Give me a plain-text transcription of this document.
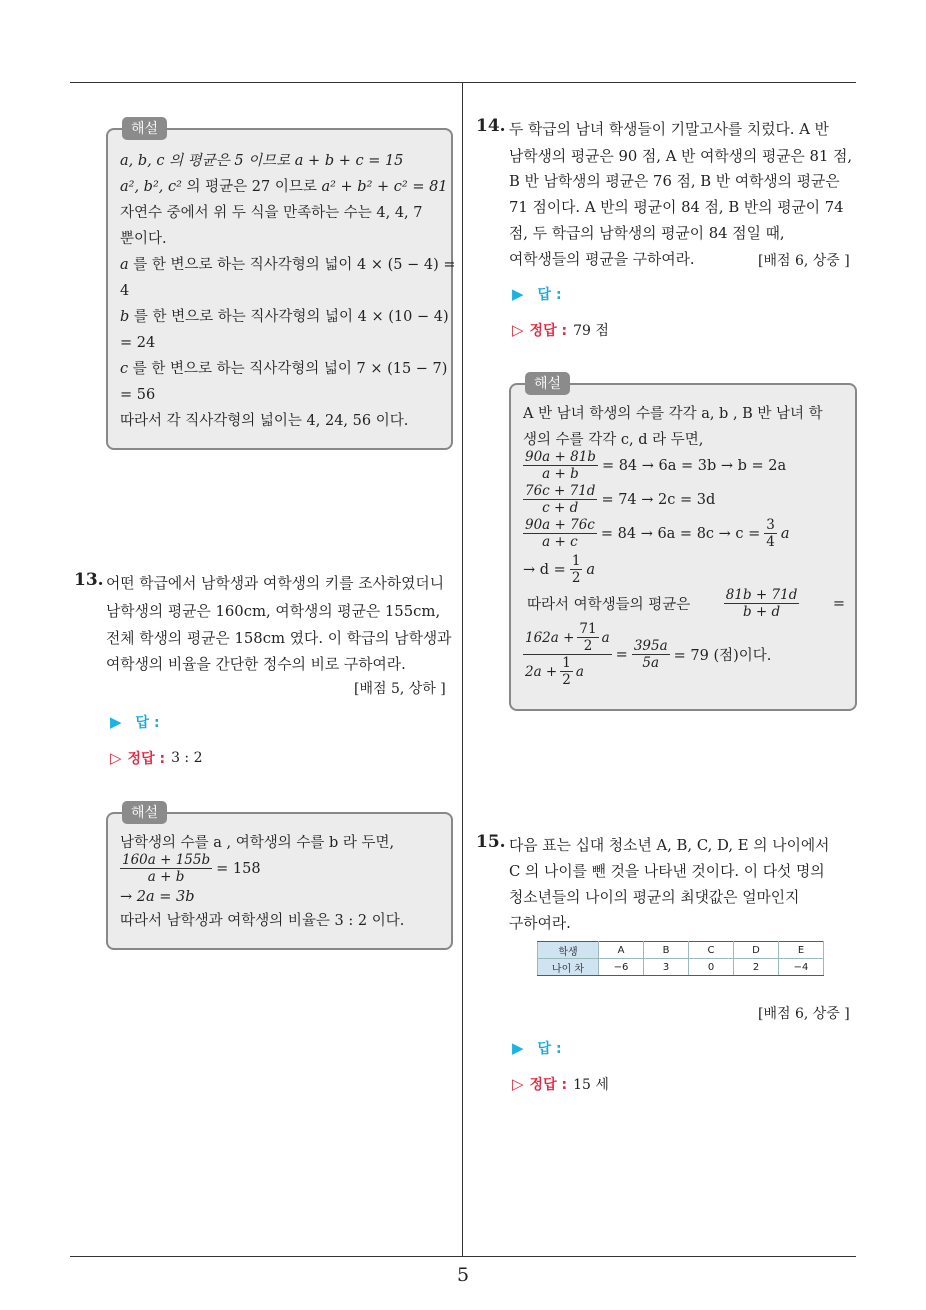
5
해설
a, b, c 의 평균은 5 이므로 a + b + c = 15
a², b², c² 의 평균은 27 이므로 a² + b² + c² = 81
자연수 중에서 위 두 식을 만족하는 수는 4, 4, 7
뿐이다.
a 를 한 변으로 하는 직사각형의 넓이 4 × (5 − 4) =
4
b 를 한 변으로 하는 직사각형의 넓이 4 × (10 − 4)
= 24
c 를 한 변으로 하는 직사각형의 넓이 7 × (15 − 7)
= 56
따라서 각 직사각형의 넓이는 4, 24, 56 이다.
13. 어떤 학급에서 남학생과 여학생의 키를 조사하였더니
남학생의 평균은 160cm, 여학생의 평균은 155cm,
전체 학생의 평균은 158cm 였다. 이 학급의 남학생과
여학생의 비율을 간단한 정수의 비로 구하여라.
[배점 5, 상하 ]
▶ 답 :
▷ 정답 : 3 : 2
해설
남학생의 수를 a , 여학생의 수를 b 라 두면,
$\frac{160a + 155b}{a + b} = 158$
→ 2a = 3b
따라서 남학생과 여학생의 비율은 3 : 2 이다.
14. 두 학급의 남녀 학생들이 기말고사를 치렀다. A 반
남학생의 평균은 90 점, A 반 여학생의 평균은 81 점,
B 반 남학생의 평균은 76 점, B 반 여학생의 평균은
71 점이다. A 반의 평균이 84 점, B 반의 평균이 74
점, 두 학급의 남학생의 평균이 84 점일 때,
여학생들의 평균을 구하여라.	[배점 6, 상중 ]
▶ 답 :
▷ 정답 : 79 점
해설
A 반 남녀 학생의 수를 각각 a, b , B 반 남녀 학
생의 수를 각각 c, d 라 두면,
$\frac{90a + 81b}{a + b} = 84 \to 6a = 3b \to b = 2a$
$\frac{76c + 71d}{c + d} = 74 \to 2c = 3d$
$\frac{90a + 76c}{a + c} = 84 \to 6a = 8c \to c = \frac{3}{4}$ a
→ $d = \frac{1}{2}$ a
따라서 여학생들의 평균은 $\frac{81b + 71d}{b + d}$ =
$\frac{162a + \frac{71}{2} a}{2a + \frac{1}{2} a} = \frac{395a}{5a} = 79$ (점)이다.
15. 다음 표는 십대 청소년 A, B, C, D, E 의 나이에서
C 의 나이를 뺀 것을 나타낸 것이다. 이 다섯 명의
청소년들의 나이의 평균의 최댓값은 얼마인지
구하여라.
학생	A	B	C	D	E
나이 차	−6	3	0	2	−4
[배점 6, 상중 ]
▶ 답 :
▷ 정답 : 15 세
